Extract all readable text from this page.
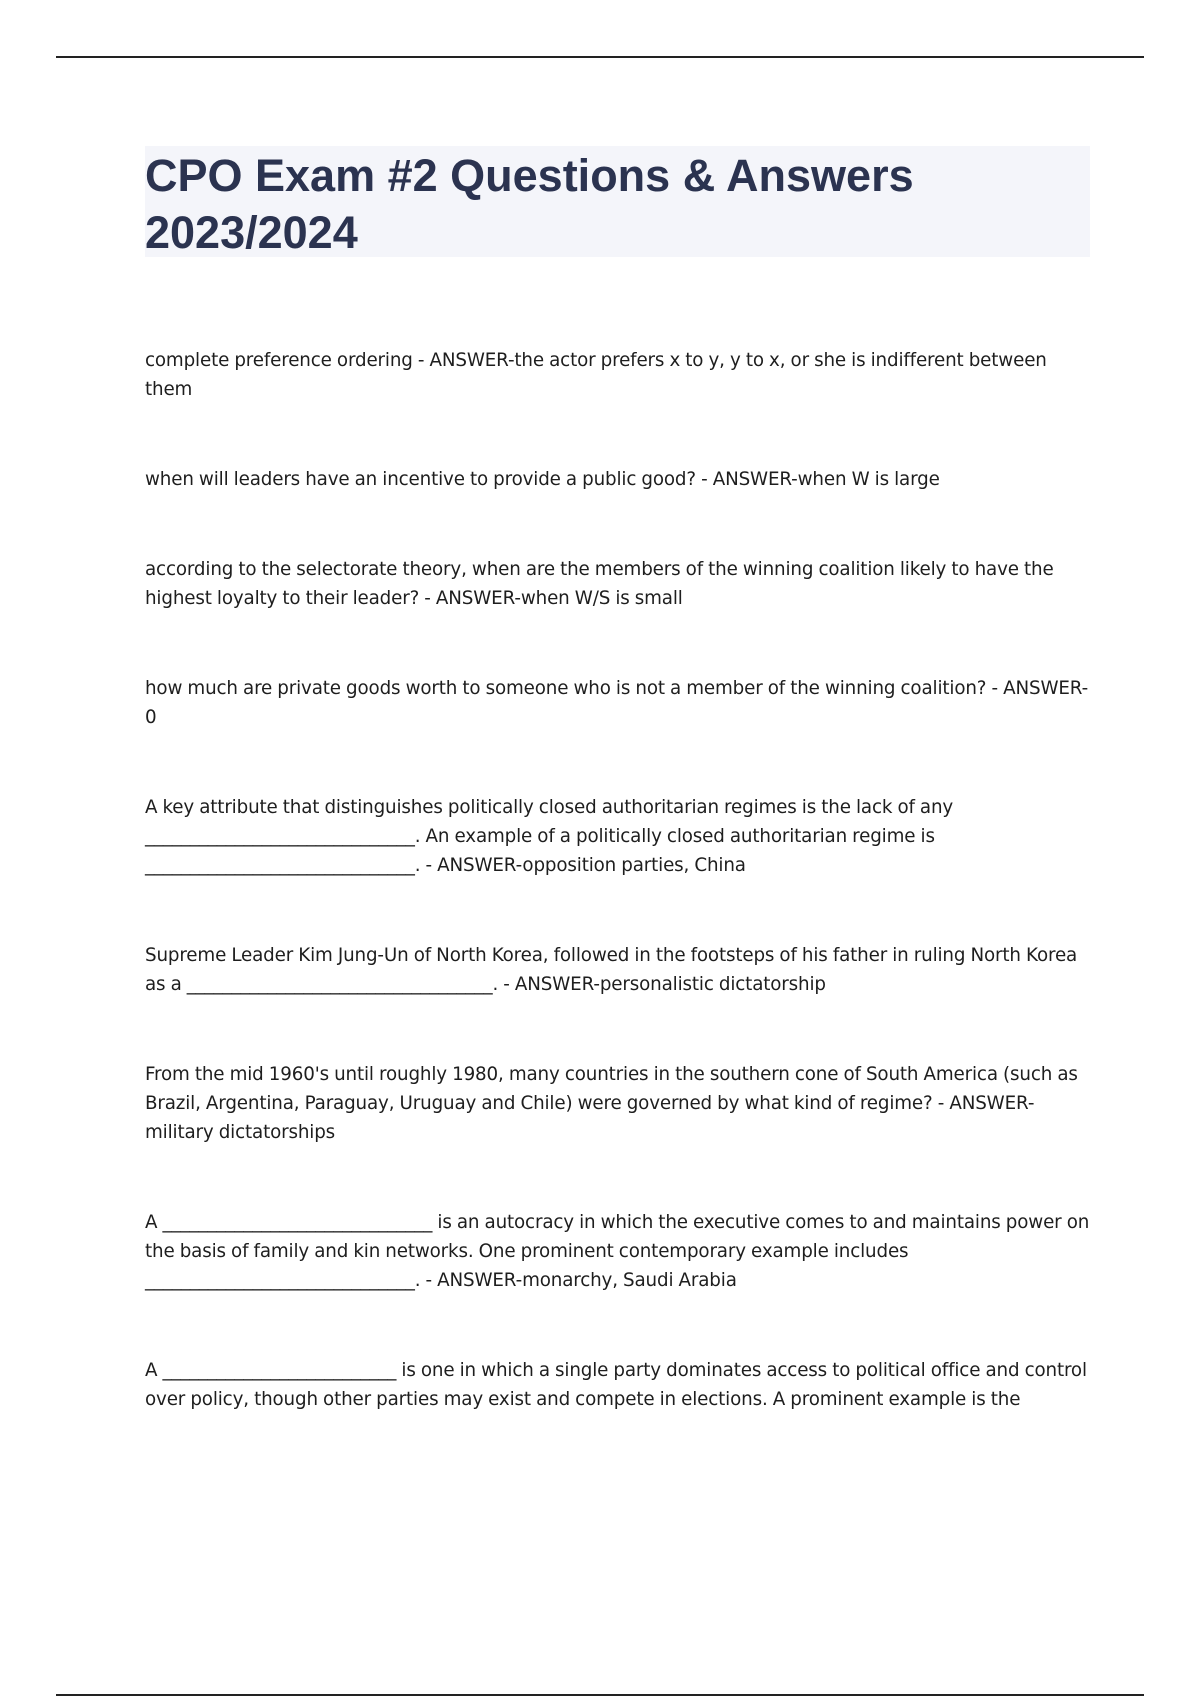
CPO Exam #2 Questions & Answers
2023/2024

complete preference ordering - ANSWER-the actor prefers x to y, y to x, or she is indifferent between them

when will leaders have an incentive to provide a public good? - ANSWER-when W is large

according to the selectorate theory, when are the members of the winning coalition likely to have the highest loyalty to their leader? - ANSWER-when W/S is small

how much are private goods worth to someone who is not a member of the winning coalition? - ANSWER-0

A key attribute that distinguishes politically closed authoritarian regimes is the lack of any ______________________________. An example of a politically closed authoritarian regime is ______________________________. - ANSWER-opposition parties, China

Supreme Leader Kim Jung-Un of North Korea, followed in the footsteps of his father in ruling North Korea as a __________________________________. - ANSWER-personalistic dictatorship

From the mid 1960's until roughly 1980, many countries in the southern cone of South America (such as Brazil, Argentina, Paraguay, Uruguay and Chile) were governed by what kind of regime? - ANSWER-military dictatorships

A ______________________________ is an autocracy in which the executive comes to and maintains power on the basis of family and kin networks. One prominent contemporary example includes ______________________________. - ANSWER-monarchy, Saudi Arabia

A __________________________ is one in which a single party dominates access to political office and control over policy, though other parties may exist and compete in elections. A prominent example is the
